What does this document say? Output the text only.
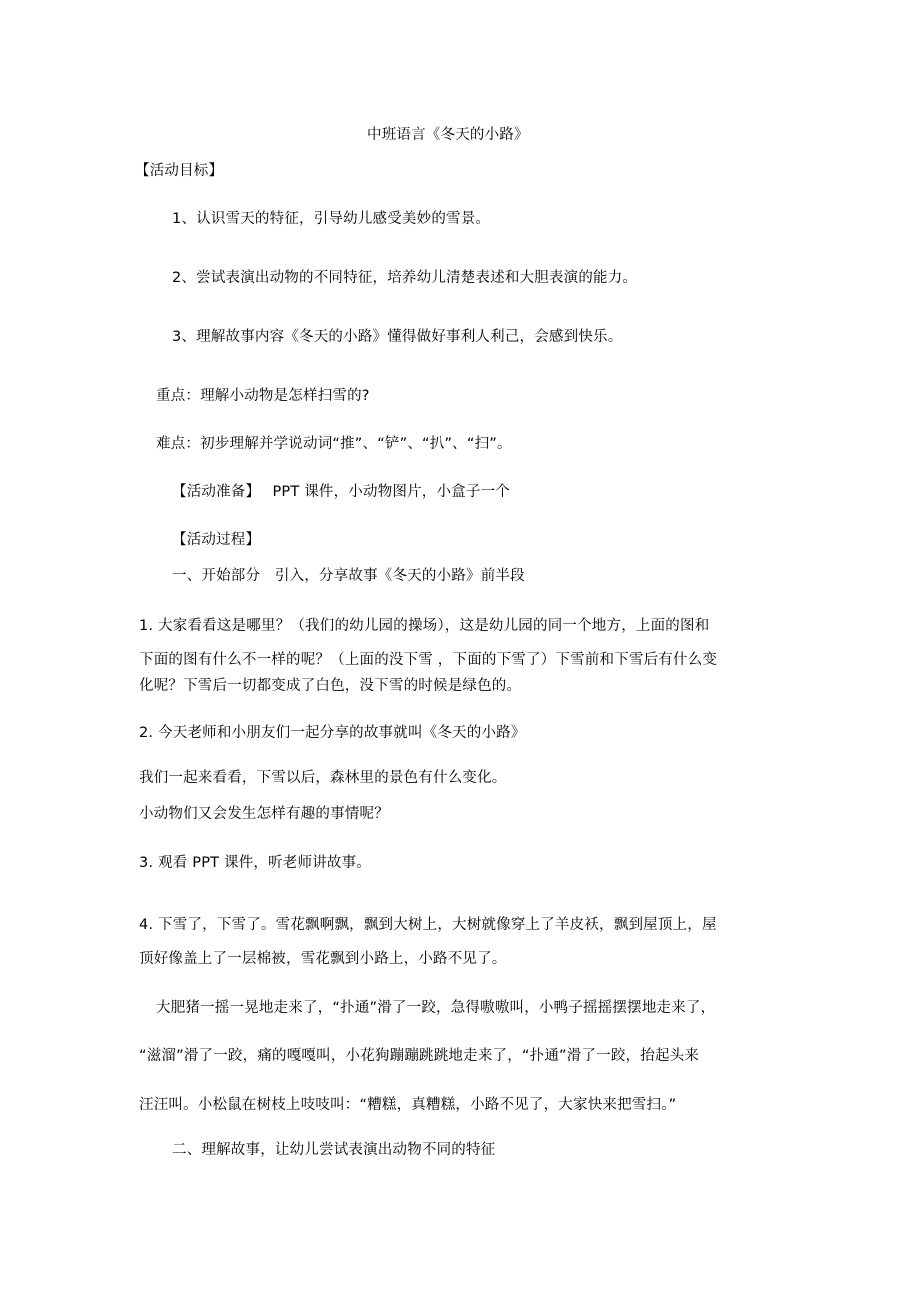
中班语言《冬天的小路》
【活动目标】
1、认识雪天的特征，引导幼儿感受美妙的雪景。
2、尝试表演出动物的不同特征，培养幼儿清楚表述和大胆表演的能力。
3、理解故事内容《冬天的小路》懂得做好事利人利己，会感到快乐。
重点：理解小动物是怎样扫雪的?
难点：初步理解并学说动词“推”、“铲”、“扒”、“扫”。
【活动准备】　 PPT 课件，小动物图片，小盒子一个
【活动过程】
一、开始部分　引入，分享故事《冬天的小路》前半段
1. 大家看看这是哪里？（我们的幼儿园的操场），这是幼儿园的同一个地方，上面的图和
下面的图有什么不一样的呢？（上面的没下雪 ，下面的下雪了）下雪前和下雪后有什么变
化呢？下雪后一切都变成了白色，没下雪的时候是绿色的。
2. 今天老师和小朋友们一起分享的故事就叫《冬天的小路》
我们一起来看看，下雪以后，森林里的景色有什么变化。
小动物们又会发生怎样有趣的事情呢？
3. 观看 PPT 课件，听老师讲故事。
4. 下雪了，下雪了。雪花飘啊飘，飘到大树上，大树就像穿上了羊皮袄，飘到屋顶上，屋
顶好像盖上了一层棉被，雪花飘到小路上，小路不见了。
大肥猪一摇一晃地走来了，“扑通”滑了一跤，急得嗷嗷叫，小鸭子摇摇摆摆地走来了，
“滋溜”滑了一跤，痛的嘎嘎叫，小花狗蹦蹦跳跳地走来了，“扑通”滑了一跤，抬起头来
汪汪叫。小松鼠在树枝上吱吱叫：“糟糕，真糟糕，小路不见了，大家快来把雪扫。”
二、理解故事，让幼儿尝试表演出动物不同的特征
